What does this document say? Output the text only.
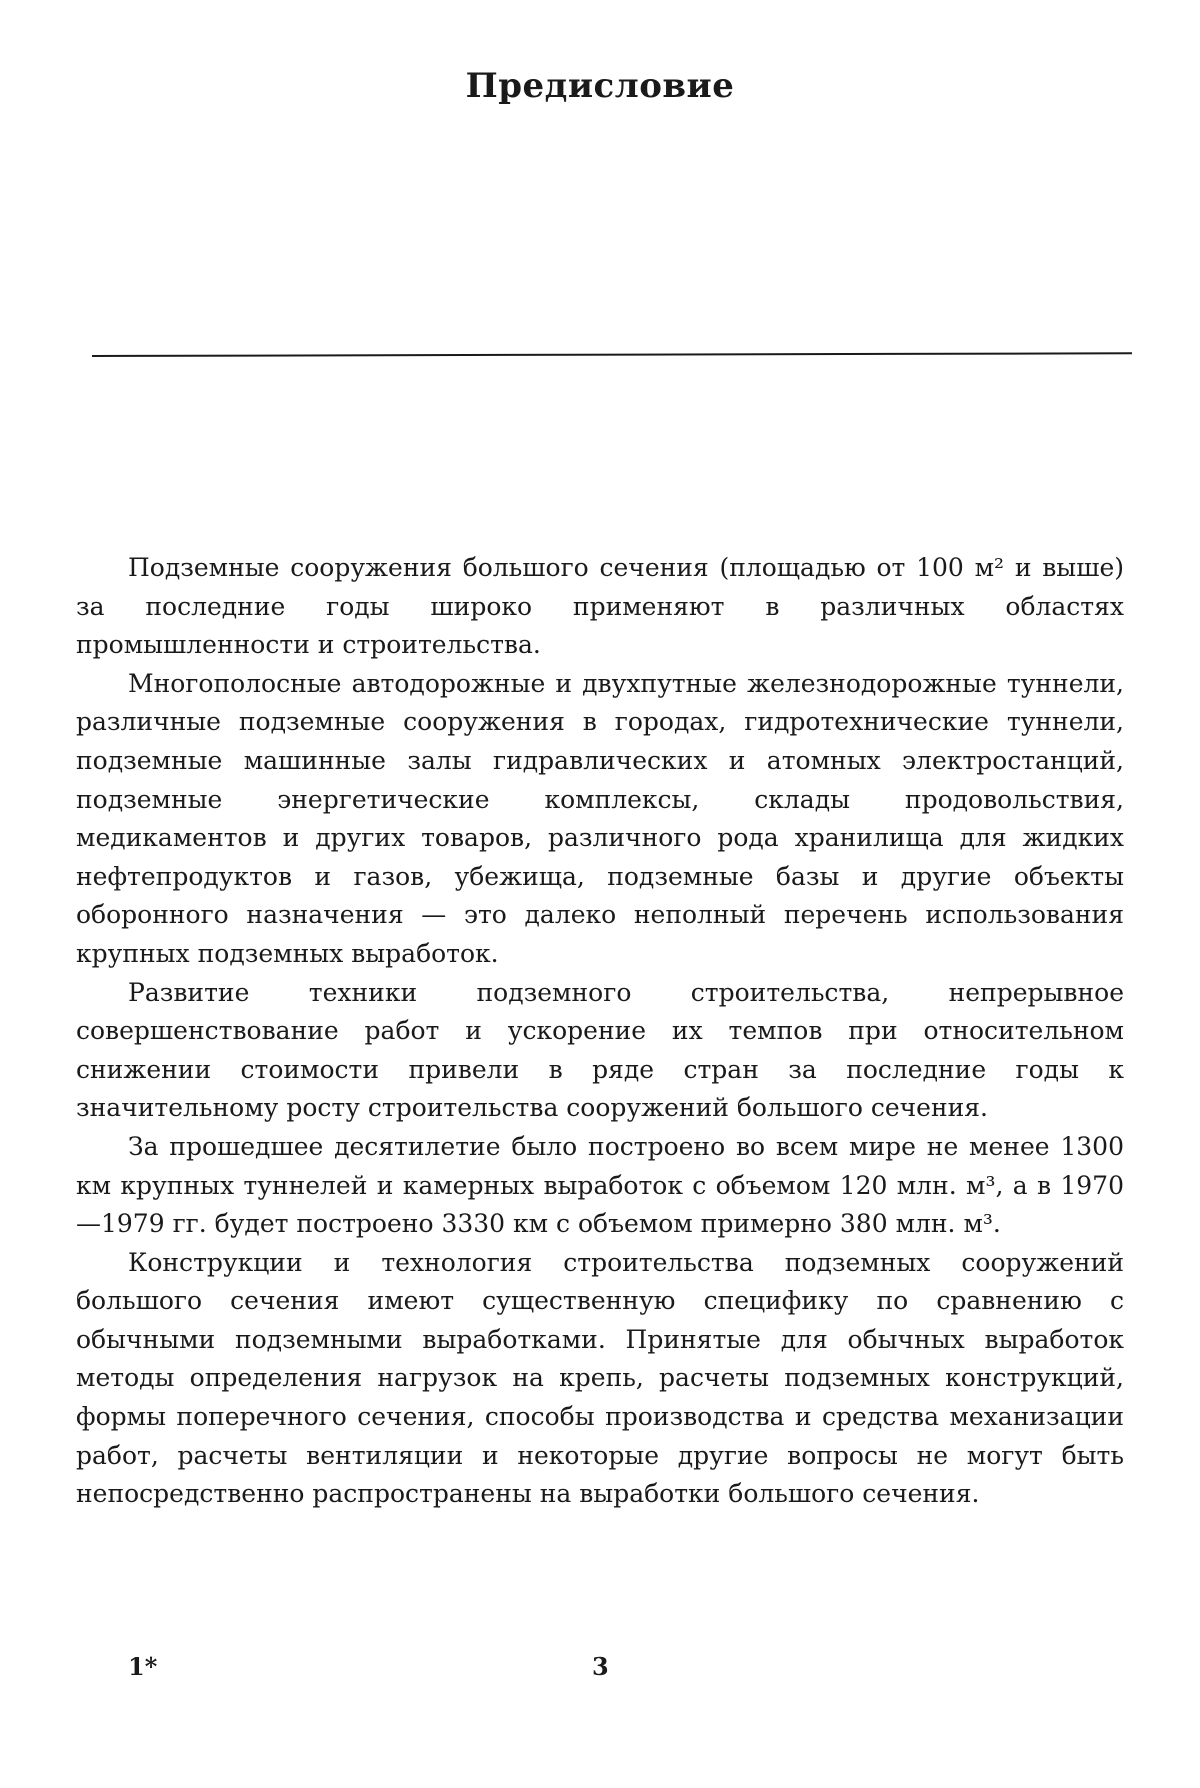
Предисловие

Подземные сооружения большого сечения (площадью от 100 м² и выше) за последние годы широко применяют в различных областях промышленности и строительства.

Многополосные автодорожные и двухпутные железнодорожные туннели, различные подземные сооружения в городах, гидротехнические туннели, подземные машинные залы гидравлических и атомных электростанций, подземные энергетические комплексы, склады продовольствия, медикаментов и других товаров, различного рода хранилища для жидких нефтепродуктов и газов, убежища, подземные базы и другие объекты оборонного назначения — это далеко неполный перечень использования крупных подземных выработок.

Развитие техники подземного строительства, непрерывное совершенствование работ и ускорение их темпов при относительном снижении стоимости привели в ряде стран за последние годы к значительному росту строительства сооружений большого сечения.

За прошедшее десятилетие было построено во всем мире не менее 1300 км крупных туннелей и камерных выработок с объемом 120 млн. м³, а в 1970—1979 гг. будет построено 3330 км с объемом примерно 380 млн. м³.

Конструкции и технология строительства подземных сооружений большого сечения имеют существенную специфику по сравнению с обычными подземными выработками. Принятые для обычных выработок методы определения нагрузок на крепь, расчеты подземных конструкций, формы поперечного сечения, способы производства и средства механизации работ, расчеты вентиляции и некоторые другие вопросы не могут быть непосредственно распространены на выработки большого сечения.

1*	3
